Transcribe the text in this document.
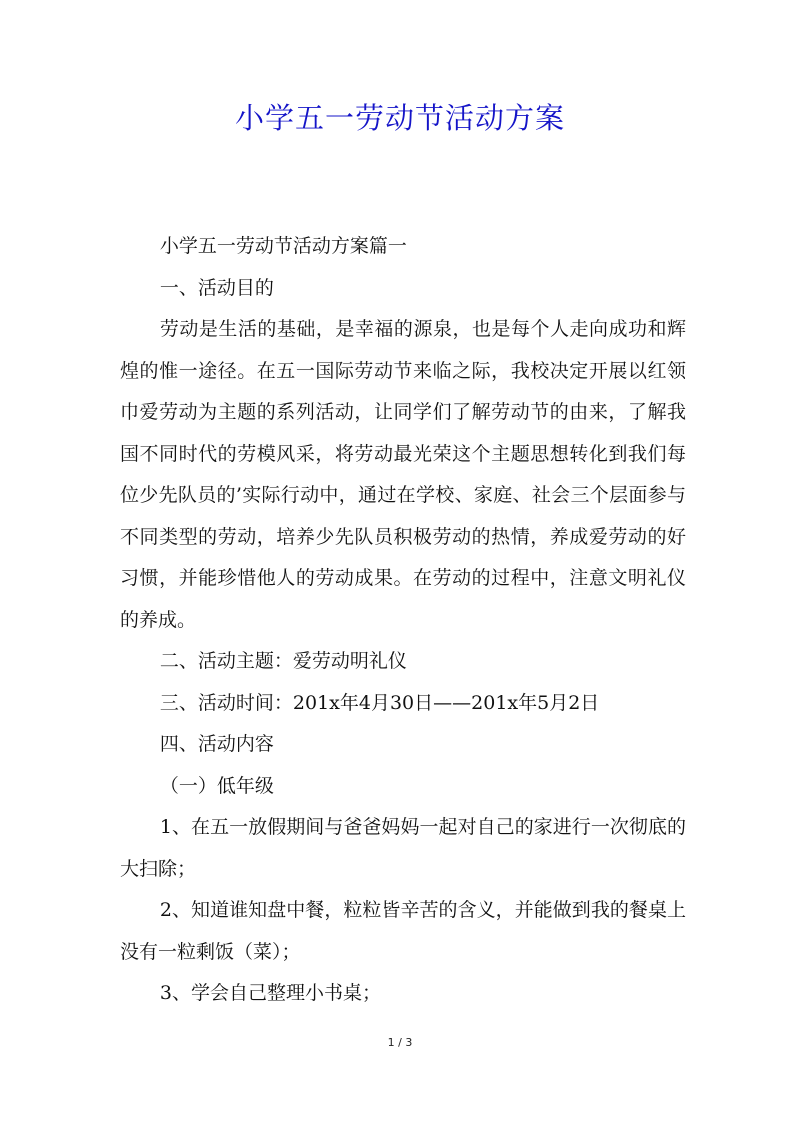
小学五一劳动节活动方案

小学五一劳动节活动方案篇一

一、活动目的

劳动是生活的基础，是幸福的源泉，也是每个人走向成功和辉煌的惟一途径。在五一国际劳动节来临之际，我校决定开展以红领巾爱劳动为主题的系列活动，让同学们了解劳动节的由来，了解我国不同时代的劳模风采，将劳动最光荣这个主题思想转化到我们每位少先队员的’实际行动中，通过在学校、家庭、社会三个层面参与不同类型的劳动，培养少先队员积极劳动的热情，养成爱劳动的好习惯，并能珍惜他人的劳动成果。在劳动的过程中，注意文明礼仪的养成。

二、活动主题：爱劳动明礼仪

三、活动时间：201x年4月30日——201x年5月2日

四、活动内容

（一）低年级

1、在五一放假期间与爸爸妈妈一起对自己的家进行一次彻底的大扫除；

2、知道谁知盘中餐，粒粒皆辛苦的含义，并能做到我的餐桌上没有一粒剩饭（菜）；

3、学会自己整理小书桌；

1 / 3
